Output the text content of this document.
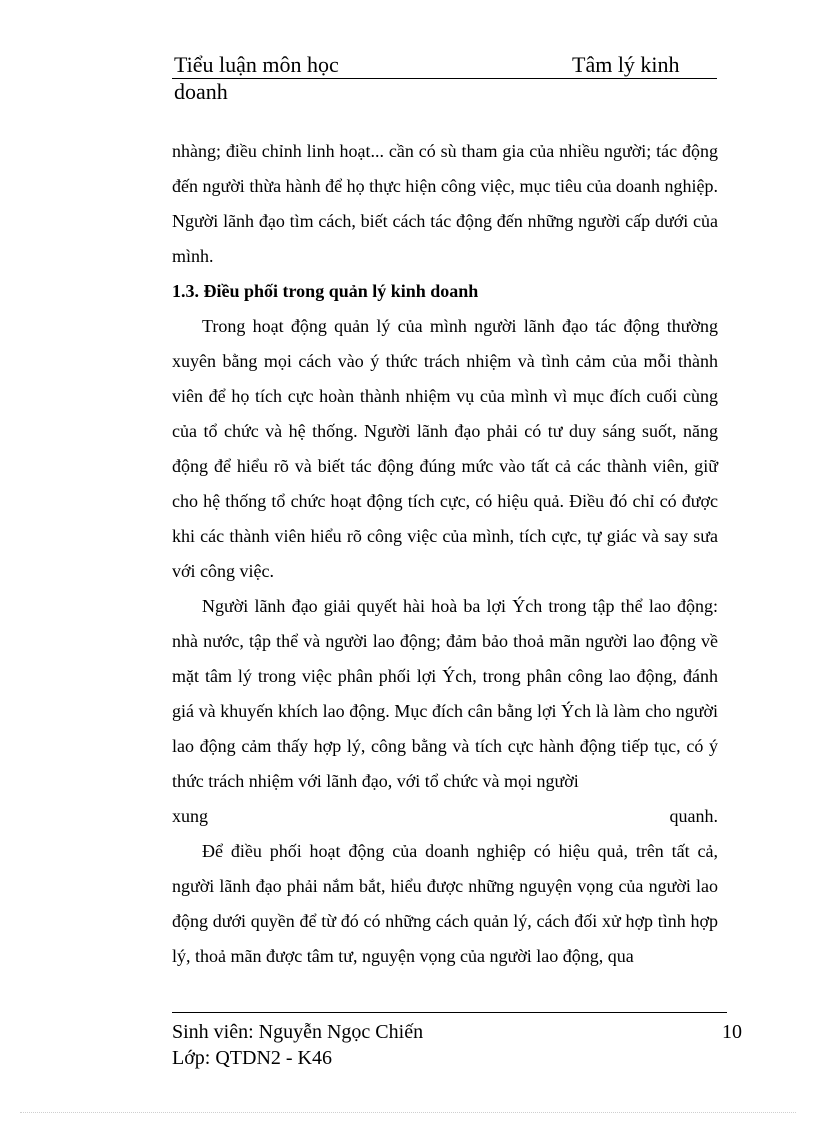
Tiểu luận môn học	Tâm lý kinh
doanh

nhàng; điều chỉnh linh hoạt... cần có sù tham gia của nhiều người; tác động đến người thừa hành để họ thực hiện công việc, mục tiêu của doanh nghiệp. Người lãnh đạo tìm cách, biết cách tác động đến những người cấp dưới của mình.

1.3. Điều phối trong quản lý kinh doanh

Trong hoạt động quản lý của mình người lãnh đạo tác động thường xuyên bằng mọi cách vào ý thức trách nhiệm và tình cảm của mỗi thành viên để họ tích cực hoàn thành nhiệm vụ của mình vì mục đích cuối cùng của tổ chức và hệ thống. Người lãnh đạo phải có tư duy sáng suốt, năng động để hiểu rõ và biết tác động đúng mức vào tất cả các thành viên, giữ cho hệ thống tổ chức hoạt động tích cực, có hiệu quả. Điều đó chỉ có được khi các thành viên hiểu rõ công việc của mình, tích cực, tự giác và say sưa với công việc.

Người lãnh đạo giải quyết hài hoà ba lợi Ých trong tập thể lao động: nhà nước, tập thể và người lao động; đảm bảo thoả mãn người lao động về mặt tâm lý trong việc phân phối lợi Ých, trong phân công lao động, đánh giá và khuyến khích lao động. Mục đích cân bằng lợi Ých là làm cho người lao động cảm thấy hợp lý, công bằng và tích cực hành động tiếp tục, có ý thức trách nhiệm với lãnh đạo, với tổ chức và mọi người

xung	quanh.

Để điều phối hoạt động của doanh nghiệp có hiệu quả, trên tất cả, người lãnh đạo phải nắm bắt, hiểu được những nguyện vọng của người lao động dưới quyền để từ đó có những cách quản lý, cách đối xử hợp tình hợp lý, thoả mãn được tâm tư, nguyện vọng của người lao động, qua

Sinh viên: Nguyễn Ngọc Chiến
Lớp: QTDN2 - K46
10
